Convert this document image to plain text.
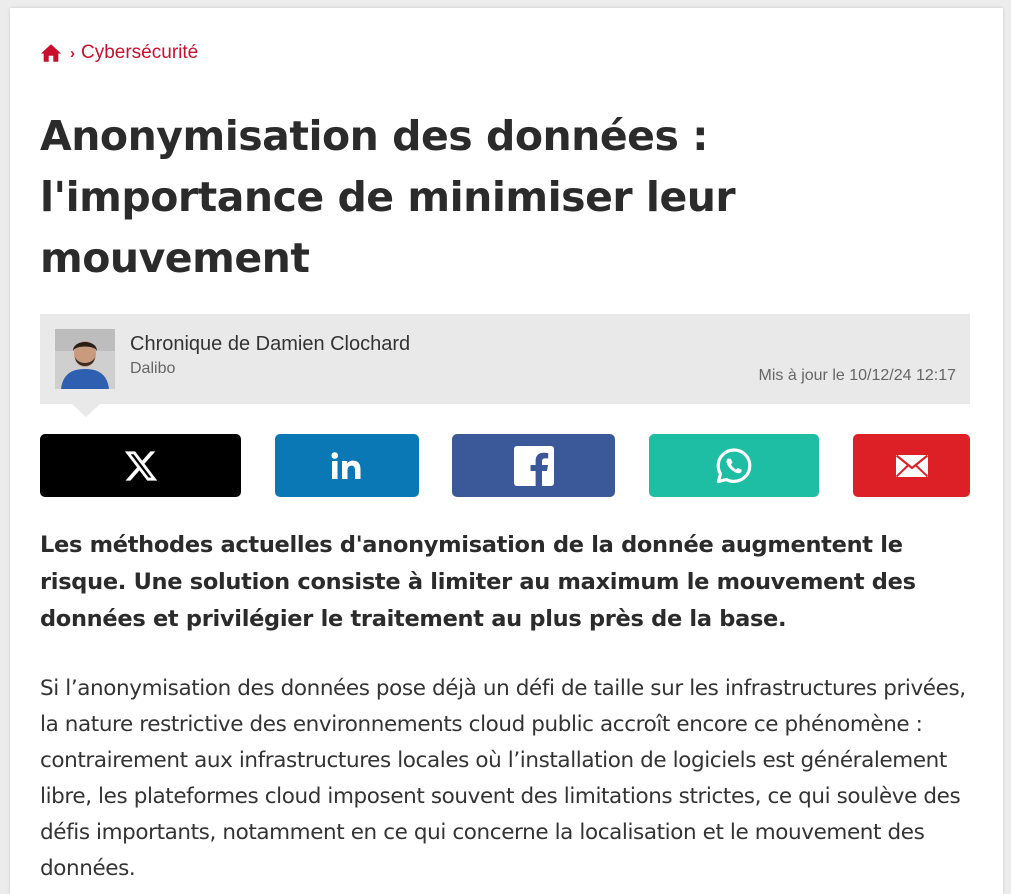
› Cybersécurité
Anonymisation des données : l'importance de minimiser leur mouvement
Chronique de Damien Clochard
Dalibo	Mis à jour le 10/12/24 12:17

Les méthodes actuelles d'anonymisation de la donnée augmentent le risque. Une solution consiste à limiter au maximum le mouvement des données et privilégier le traitement au plus près de la base.

Si l’anonymisation des données pose déjà un défi de taille sur les infrastructures privées, la nature restrictive des environnements cloud public accroît encore ce phénomène : contrairement aux infrastructures locales où l’installation de logiciels est généralement libre, les plateformes cloud imposent souvent des limitations strictes, ce qui soulève des défis importants, notamment en ce qui concerne la localisation et le mouvement des données.
